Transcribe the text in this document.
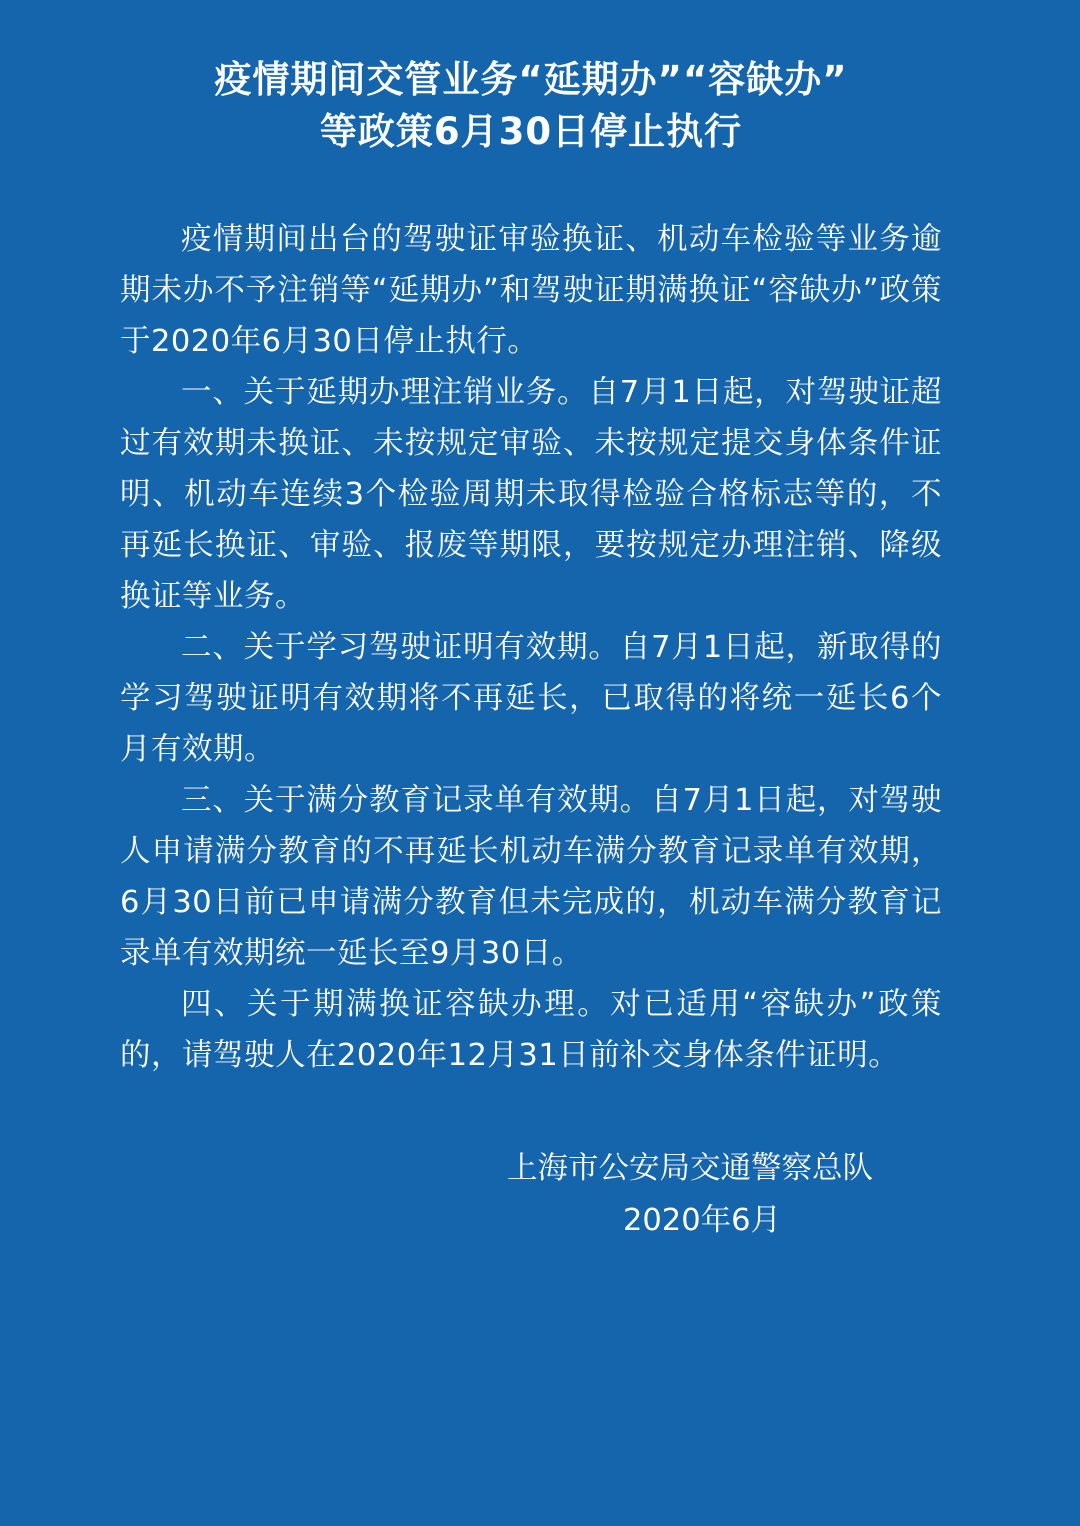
疫情期间交管业务“延期办”“容缺办”
等政策6月30日停止执行

疫情期间出台的驾驶证审验换证、机动车检验等业务逾期未办不予注销等“延期办”和驾驶证期满换证“容缺办”政策于2020年6月30日停止执行。

一、关于延期办理注销业务。自7月1日起，对驾驶证超过有效期未换证、未按规定审验、未按规定提交身体条件证明、机动车连续3个检验周期未取得检验合格标志等的，不再延长换证、审验、报废等期限，要按规定办理注销、降级换证等业务。

二、关于学习驾驶证明有效期。自7月1日起，新取得的学习驾驶证明有效期将不再延长，已取得的将统一延长6个月有效期。

三、关于满分教育记录单有效期。自7月1日起，对驾驶人申请满分教育的不再延长机动车满分教育记录单有效期，6月30日前已申请满分教育但未完成的，机动车满分教育记录单有效期统一延长至9月30日。

四、关于期满换证容缺办理。对已适用“容缺办”政策的，请驾驶人在2020年12月31日前补交身体条件证明。

上海市公安局交通警察总队
2020年6月
